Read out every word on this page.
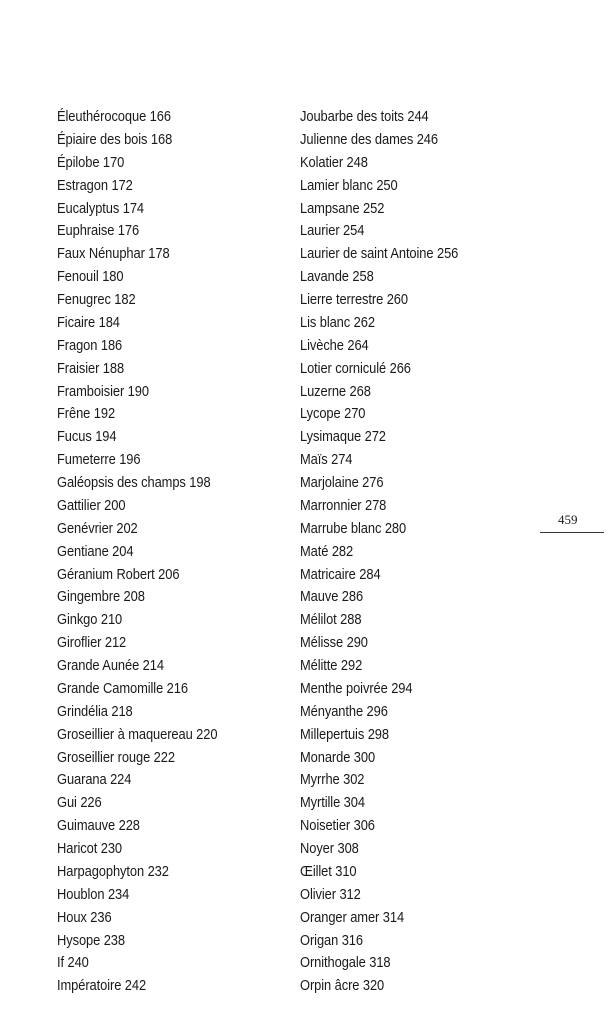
Éleuthérocoque 166
Épiaire des bois 168
Épilobe 170
Estragon 172
Eucalyptus 174
Euphraise 176
Faux Nénuphar 178
Fenouil 180
Fenugrec 182
Ficaire 184
Fragon 186
Fraisier 188
Framboisier 190
Frêne 192
Fucus 194
Fumeterre 196
Galéopsis des champs 198
Gattilier 200
Genévrier 202
Gentiane 204
Géranium Robert 206
Gingembre 208
Ginkgo 210
Giroflier 212
Grande Aunée 214
Grande Camomille 216
Grindélia 218
Groseillier à maquereau 220
Groseillier rouge 222
Guarana 224
Gui 226
Guimauve 228
Haricot 230
Harpagophyton 232
Houblon 234
Houx 236
Hysope 238
If 240
Impératoire 242
Joubarbe des toits 244
Julienne des dames 246
Kolatier 248
Lamier blanc 250
Lampsane 252
Laurier 254
Laurier de saint Antoine 256
Lavande 258
Lierre terrestre 260
Lis blanc 262
Livèche 264
Lotier corniculé 266
Luzerne 268
Lycope 270
Lysimaque 272
Maïs 274
Marjolaine 276
Marronnier 278
Marrube blanc 280
Maté 282
Matricaire 284
Mauve 286
Mélilot 288
Mélisse 290
Mélitte 292
Menthe poivrée 294
Ményanthe 296
Millepertuis 298
Monarde 300
Myrrhe 302
Myrtille 304
Noisetier 306
Noyer 308
Œillet 310
Olivier 312
Oranger amer 314
Origan 316
Ornithogale 318
Orpin âcre 320
459
